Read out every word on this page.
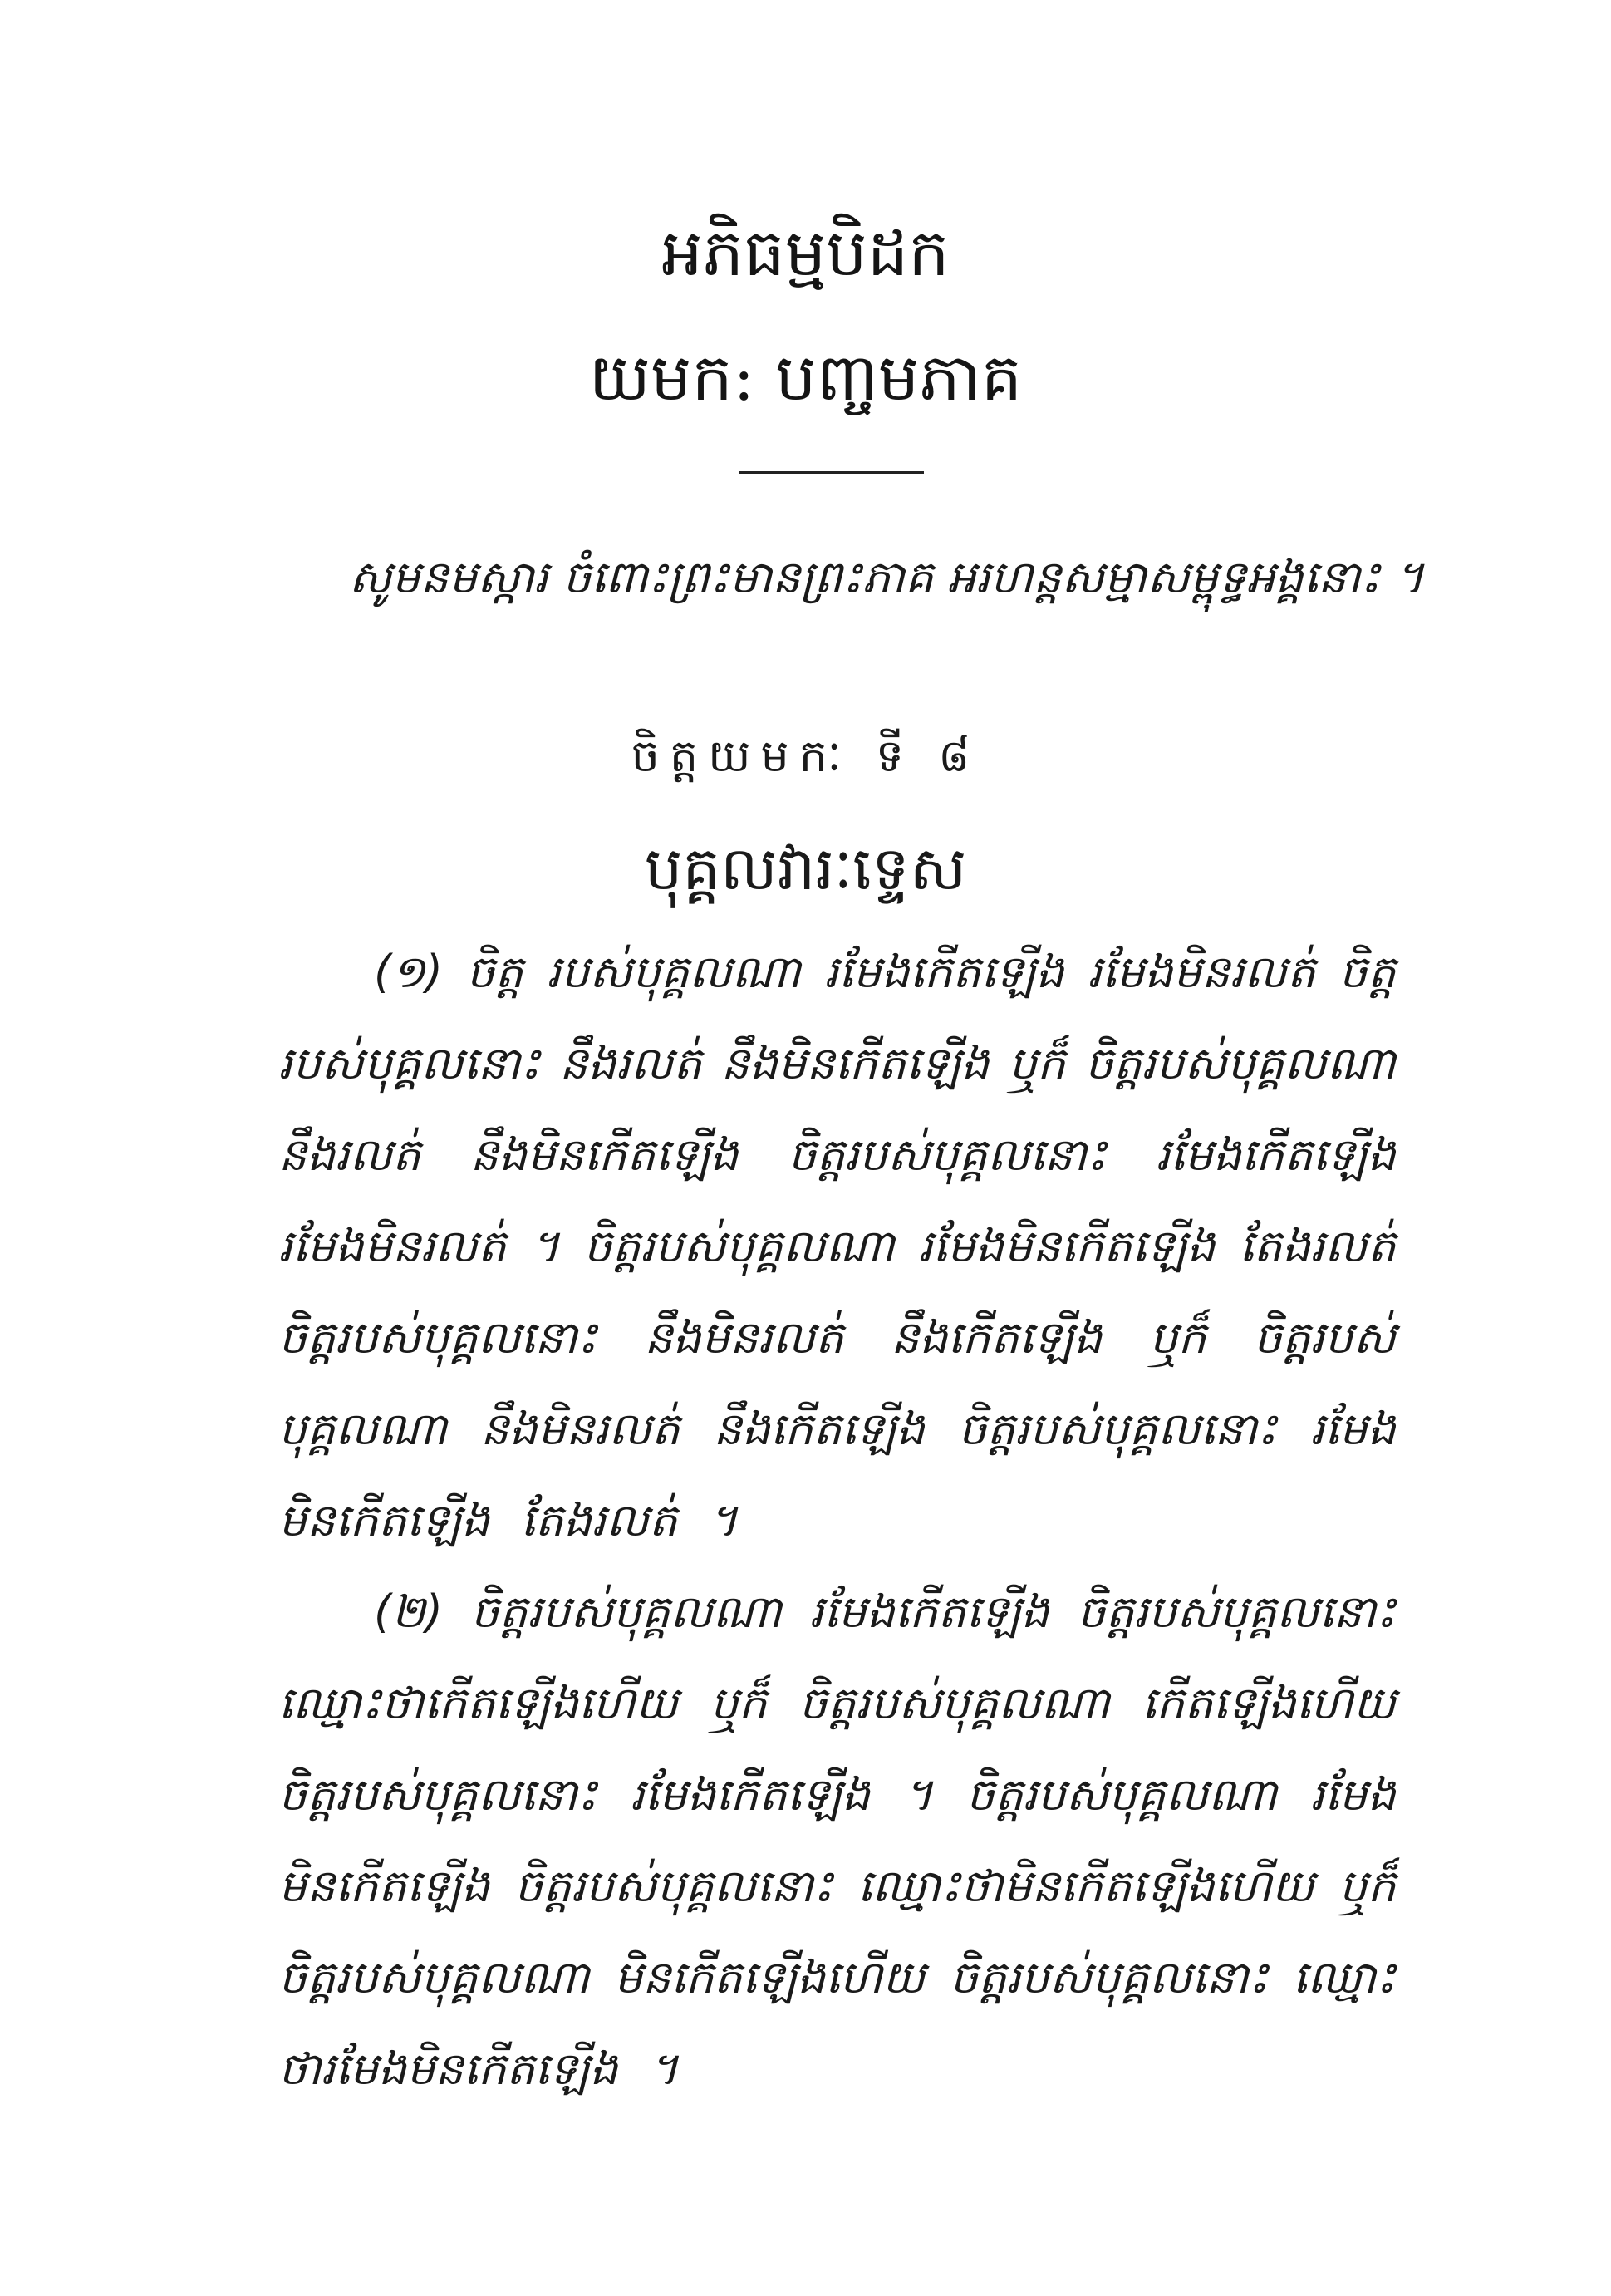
អភិធម្មបិដក
យមក: បញ្ចមភាគ
សូមនមស្ការ ចំពោះព្រះមានព្រះភាគ អរហន្តសម្មាសម្ពុទ្ធអង្គនោះ ។
ចិត្តយមកៈ ទី ៨
បុគ្គលវារៈទ្ទេស
(១) ចិត្ត របស់បុគ្គលណា រមែងកើតឡើង រមែងមិនរលត់ ចិត្ត
របស់បុគ្គលនោះ នឹងរលត់ នឹងមិនកើតឡើង ឬក៏ ចិត្តរបស់បុគ្គលណា
នឹងរលត់ នឹងមិនកើតឡើង ចិត្តរបស់បុគ្គលនោះ រមែងកើតឡើង
រមែងមិនរលត់ ។ ចិត្តរបស់បុគ្គលណា រមែងមិនកើតឡើង តែងរលត់
ចិត្តរបស់បុគ្គលនោះ នឹងមិនរលត់ នឹងកើតឡើង ឬក៏ ចិត្តរបស់
បុគ្គលណា នឹងមិនរលត់ នឹងកើតឡើង ចិត្តរបស់បុគ្គលនោះ រមែង
មិនកើតឡើង តែងរលត់ ។
(២) ចិត្តរបស់បុគ្គលណា រមែងកើតឡើង ចិត្តរបស់បុគ្គលនោះ
ឈ្មោះថាកើតឡើងហើយ ឬក៏ ចិត្តរបស់បុគ្គលណា កើតឡើងហើយ
ចិត្តរបស់បុគ្គលនោះ រមែងកើតឡើង ។ ចិត្តរបស់បុគ្គលណា រមែង
មិនកើតឡើង ចិត្តរបស់បុគ្គលនោះ ឈ្មោះថាមិនកើតឡើងហើយ ឬក៏
ចិត្តរបស់បុគ្គលណា មិនកើតឡើងហើយ ចិត្តរបស់បុគ្គលនោះ ឈ្មោះ
ថារមែងមិនកើតឡើង ។
